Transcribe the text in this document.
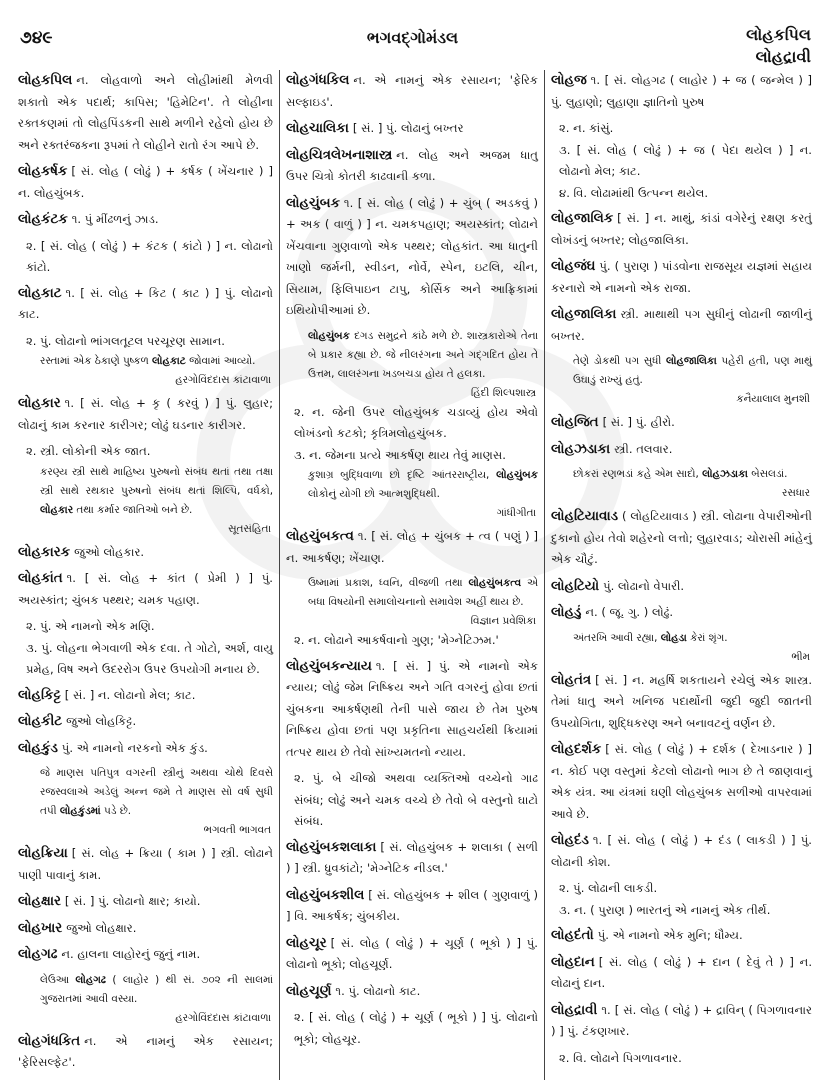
૭૪૯	ભગવદ્ગોમંડલ	લોહકપિલ
લોહદ્રાવી
લોહકપિલ ન. લોહવાળો અને લોહીમાંથી મેળવી શકાતો એક પદાર્થ; કાપિસ; 'હિમેટિન'. તે લોહીના રક્તકણમાં તો લોહપિંડકની સાથે મળીને રહેલો હોય છે અને રક્તરંજકના રૂપમાં તે લોહીને રાતો રંગ આપે છે.
લોહકર્ષક [ સં. લોહ ( લોઢું ) + કર્ષક ( ખેંચનાર ) ] ન. લોહચુંબક.
લોહકંટક ૧. પું મીંઢળનું ઝાડ.
૨. [ સં. લોહ ( લોઢું ) + કંટક ( કાંટો ) ] ન. લોઢાનો કાંટો.
લોહકાટ ૧. [ સં. લોહ + કિટ ( કાટ ) ] પું. લોઢાનો કાટ.
૨. પું. લોઢાનો ભાંગલતૂટલ પરચૂરણ સામાન.
રસ્તામાં એક ઠેકાણે પુષ્કળ લોહકાટ જોવામાં આવ્યો.
હરગોવિંદદાસ કાંટાવાળા
લોહકાર ૧. [ સં. લોહ + કૃ ( કરવું ) ] પું. લુહાર; લોઢાનું કામ કરનાર કારીગર; લોઢું ઘડનાર કારીગર.
૨. સ્ત્રી. લોકોની એક જાત.
કરણ્ય સ્ત્રી સાથે માહિષ્ય પુરુષનો સંબંધ થતાં તથા તક્ષા સ્ત્રી સાથે રથકાર પુરુષનો સંબંધ થતાં શિલ્પિ, વર્ધકો, લોહકાર તથા કર્માર જાતિઓ બને છે.
સૂતસંહિતા
લોહકારક જુઓ લોહકાર.
લોહકાંત ૧. [ સં. લોહ + કાંત ( પ્રેમી ) ] પું. અયસ્કાંત; ચુંબક પથ્થર; ચમક પહાણ.
૨. પું. એ નામનો એક મણિ.
૩. પું. લોહના ભેગવાળી એક દવા. તે ગોટો, અર્શ, વાયુ પ્રમેહ, વિષ અને ઉદરરોગ ઉપર ઉપયોગી મનાય છે.
લોહકિટ્ટ [ સં. ] ન. લોઢાનો મેલ; કાટ.
લોહકીટ જુઓ લોહકિટ્ટ.
લોહકુંડ પું. એ નામનો નરકનો એક કુંડ.
જે માણસ પતિપુત્ર વગરની સ્ત્રીનું અથવા ચોથે દિવસે રજસ્વલાએ અડેલું અન્ન જમે તે માણસ સો વર્ષ સુધી તપી લોહકુંડમાં પડે છે.
ભગવતી ભાગવત
લોહક્રિયા [ સં. લોહ + ક્રિયા ( કામ ) ] સ્ત્રી. લોઢાને પાણી પાવાનું કામ.
લોહક્ષાર [ સં. ] પું. લોઢાનો ક્ષાર; કાયો.
લોહખાર જુઓ લોહક્ષાર.
લોહગઢ ન. હાલના લાહોરનું જુનું નામ.
લેઉઆ લોહગઢ ( લાહોર ) થી સં. ૭૦૨ ની સાલમાં ગુજરાતમાં આવી વસ્યા.
હરગોવિંદદાસ કાંટાવાળા
લોહગંધકિત ન. એ નામનું એક રસાયન; 'ફેરિસલ્ફેટ'.
લોહગંધકિલ ન. એ નામનું એક રસાયન; 'ફેરિક સલ્ફાઇડ'.
લોહચાલિકા [ સં. ] પું. લોઢાનું બખ્તર
લોહચિત્રલેખનાશાસ્ત્ર ન. લોહ અને અજમ ધાતુ ઉપર ચિત્રો કોતરી કાઢવાની કળા.
લોહચુંબક ૧. [ સં. લોહ ( લોઢું ) + ચુંબ્ ( અડકવું ) + અક ( વાળું ) ] ન. ચમકપહાણ; અયસ્કાંત; લોઢાને ખેંચવાના ગુણવાળો એક પથ્થર; લોહકાંત. આ ધાતુની ખાણો જર્મની, સ્વીડન, નોર્વે, સ્પેન, ઇટલિ, ચીન, સિયામ, ફિલિપાઇન ટાપુ, કોર્સિક અને આફ્રિકામાં ઇથિયોપીઆમાં છે.
લોહચુંબક દગડ સમુદ્રને કાંઠે મળે છે. શાસ્ત્રકારોએ તેના બે પ્રકાર કહ્યા છે. જે નીલરંગના અને ગદ્ગદિત હોય તે ઉત્તમ, લાલરંગના ખડબચડા હોય તે હલકા.
હિંદી શિલ્પશાસ્ત્ર
૨. ન. જેની ઉપર લોહચુંબક ચડાવ્યું હોય એવો લોખંડનો કટકો; કૃત્રિમલોહચુંબક.
૩. ન. જેમના પ્રત્યે આકર્ષણ થાય તેવું માણસ.
કુશાગ્ર બુદ્ધિવાળા છો દૃષ્ટિ આંતરરાષ્ટ્રીય, લોહચુંબક લોકોનું યોગી છો આત્મશુદ્ધિથી.
ગાંધીગીતા
લોહચુંબકત્વ ૧. [ સં. લોહ + ચુંબક + ત્વ ( પણું ) ] ન. આકર્ષણ; ખેંચાણ.
ઉષ્મામાં પ્રકાશ, ધ્વનિ, વીજળી તથા લોહચુંબકત્વ એ બધા વિષયોની સમાલોચનાનો સમાવેશ અહીં થાય છે.
વિજ્ઞાન પ્રવેશિકા
૨. ન. લોઢાને આકર્ષવાનો ગુણ; 'મેગ્નેટિઝમ.'
લોહચુંબકન્યાય ૧. [ સં. ] પું. એ નામનો એક ન્યાય; લોઢું જેમ નિષ્ક્રિય અને ગતિ વગરનું હોવા છતાં ચુંબકના આકર્ષણથી તેની પાસે જાય છે તેમ પુરુષ નિષ્ક્રિય હોવા છતાં પણ પ્રકૃતિના સાહચર્યથી ક્રિયામાં તત્પર થાય છે તેવો સાંખ્યમતનો ન્યાય.
૨. પું. બે ચીજો અથવા વ્યક્તિઓ વચ્ચેનો ગાઢ સંબંધ; લોઢું અને ચમક વચ્ચે છે તેવો બે વસ્તુનો ઘાટો સંબંધ.
લોહચુંબકશલાકા [ સં. લોહચુંબક + શલાકા ( સળી ) ] સ્ત્રી. ધ્રુવકાંટો; 'મેગ્નેટિક નીડલ.'
લોહચુંબકશીલ [ સં. લોહચુંબક + શીલ ( ગુણવાળું ) ] વિ. આકર્ષક; ચુંબકીય.
લોહચૂર [ સં. લોહ ( લોઢું ) + ચૂર્ણ ( ભૂકો ) ] પું. લોઢાનો ભૂકો; લોહચૂર્ણ.
લોહચૂર્ણ ૧. પું. લોઢાનો કાટ.
૨. [ સં. લોહ ( લોઢું ) + ચૂર્ણ ( ભૂકો ) ] પું. લોઢાનો ભૂકો; લોહચૂર.
લોહજ ૧. [ સં. લોહગઢ ( લાહોર ) + જ ( જન્મેલ ) ] પું. લુહાણો; લુહાણા જ્ઞાતિનો પુરુષ
૨. ન. કાંસું.
૩. [ સં. લોહ ( લોઢું ) + જ ( પેદા થયેલ ) ] ન. લોઢાનો મેલ; કાટ.
૪. વિ. લોઢામાંથી ઉત્પન્ન થયેલ.
લોહજાલિક [ સં. ] ન. માથું, કાંડાં વગેરેનું રક્ષણ કરતું લોખંડનું બખ્તર; લોહજાલિકા.
લોહજંઘ પું. ( પુરાણ ) પાંડવોના રાજસૂય યજ્ઞમાં સહાય કરનારો એ નામનો એક રાજા.
લોહજાલિકા સ્ત્રી. માથાથી પગ સુધીનું લોઢાની જાળીનું બખ્તર.
તેણે ડોકથી પગ સુધી લોહજાલિકા પહેરી હતી, પણ માથું ઉઘાડું રાખ્યું હતું.
કનૈયાલાલ મુનશી
લોહજિત [ સં. ] પું. હીરો.
લોહઝડાકા સ્ત્રી. તલવાર.
છોકરાં રણભડાં કહે એમ સાદો, લોહઝડાકા બેસલડાં.
રસધાર
લોહટિયાવાડ ( લોહટિયાવાડ ) સ્ત્રી. લોઢાના વેપારીઓની દુકાનો હોય તેવો શહેરનો લત્તો; લુહારવાડ; ચોરાસી માંહેનું એક ચૌટું.
લોહટિયો પું. લોઢાનો વેપારી.
લોહડું ન. ( જૂ. ગુ. ) લોઢું.
અંતરખિ આવી રહ્યા, લોહડા કેરાં શૃંગ.
ભીમ
લોહતંત્ર [ સં. ] ન. મહર્ષિ શકતાયને રચેલું એક શાસ્ત્ર. તેમાં ધાતુ અને ખનિજ પદાર્થોની જુદી જુદી જાતની ઉપયોગિતા, શુદ્ધિકરણ અને બનાવટનું વર્ણન છે.
લોહદર્શક [ સં. લોહ ( લોઢું ) + દર્શક ( દેખાડનાર ) ] ન. કોઈ પણ વસ્તુમાં કેટલો લોઢાનો ભાગ છે તે જાણવાનું એક યંત્ર. આ યંત્રમાં ઘણી લોહચુંબક સળીઓ વાપરવામાં આવે છે.
લોહદંડ ૧. [ સં. લોહ ( લોઢું ) + દંડ ( લાકડી ) ] પું. લોઢાની કોશ.
૨. પું. લોઢાની લાકડી.
૩. ન. ( પુરાણ ) ભારતનું એ નામનું એક તીર્થ.
લોહદંતો પું. એ નામનો એક મુનિ; ધૌમ્ય.
લોહદાન [ સં. લોહ ( લોઢું ) + દાન ( દેવું તે ) ] ન. લોઢાનું દાન.
લોહદ્રાવી ૧. [ સં. લોહ ( લોઢું ) + દ્રાવિન્ ( પિગળાવનાર ) ] પું. ટંકણખાર.
૨. વિ. લોઢાને પિગળાવનાર.
